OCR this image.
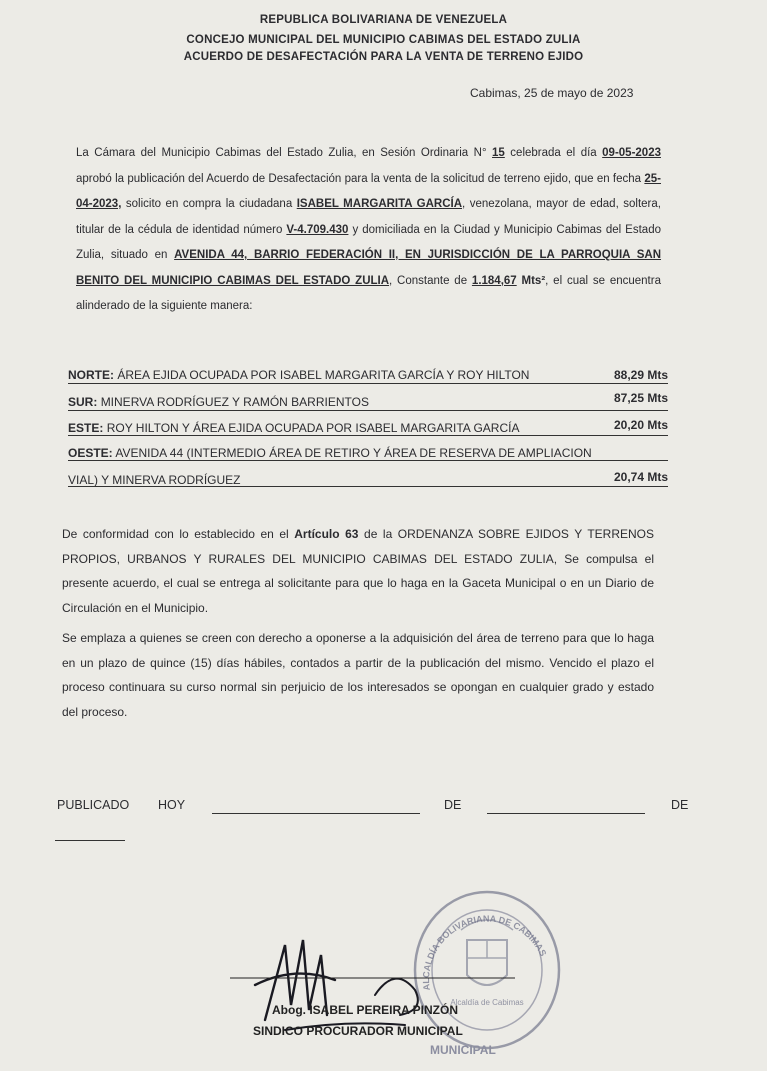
REPUBLICA BOLIVARIANA DE VENEZUELA
CONCEJO MUNICIPAL DEL MUNICIPIO CABIMAS DEL ESTADO ZULIA
ACUERDO DE DESAFECTACIÓN PARA LA VENTA DE TERRENO EJIDO
Cabimas, 25 de mayo de 2023
La Cámara del Municipio Cabimas del Estado Zulia, en Sesión Ordinaria N° 15 celebrada el día 09-05-2023 aprobó la publicación del Acuerdo de Desafectación para la venta de la solicitud de terreno ejido, que en fecha 25-04-2023, solicito en compra la ciudadana ISABEL MARGARITA GARCÍA, venezolana, mayor de edad, soltera, titular de la cédula de identidad número V-4.709.430 y domiciliada en la Ciudad y Municipio Cabimas del Estado Zulia, situado en AVENIDA 44, BARRIO FEDERACIÓN II, EN JURISDICCIÓN DE LA PARROQUIA SAN BENITO DEL MUNICIPIO CABIMAS DEL ESTADO ZULIA, Constante de 1.184,67 Mts², el cual se encuentra alinderado de la siguiente manera:

NORTE: ÁREA EJIDA OCUPADA POR ISABEL MARGARITA GARCÍA Y ROY HILTON	88,29 Mts
SUR: MINERVA RODRÍGUEZ Y RAMÓN BARRIENTOS	87,25 Mts
ESTE: ROY HILTON Y ÁREA EJIDA OCUPADA POR ISABEL MARGARITA GARCÍA	20,20 Mts
OESTE: AVENIDA 44 (INTERMEDIO ÁREA DE RETIRO Y ÁREA DE RESERVA DE AMPLIACION
VIAL) Y MINERVA RODRÍGUEZ	20,74 Mts
De conformidad con lo establecido en el Artículo 63 de la ORDENANZA SOBRE EJIDOS Y TERRENOS PROPIOS, URBANOS Y RURALES DEL MUNICIPIO CABIMAS DEL ESTADO ZULIA, Se compulsa el presente acuerdo, el cual se entrega al solicitante para que lo haga en la Gaceta Municipal o en un Diario de Circulación en el Municipio.
Se emplaza a quienes se creen con derecho a oponerse a la adquisición del área de terreno para que lo haga en un plazo de quince (15) días hábiles, contados a partir de la publicación del mismo. Vencido el plazo el proceso continuara su curso normal sin perjuicio de los interesados se opongan en cualquier grado y estado del proceso.
PUBLICADO HOY	DE	DE
ALCALDÍA BOLIVARIANA DE CABIMAS
Alcaldía de Cabimas
Abog. ISABEL PEREIRA PINZÓN
SINDICO PROCURADOR MUNICIPAL
MUNICIPAL
